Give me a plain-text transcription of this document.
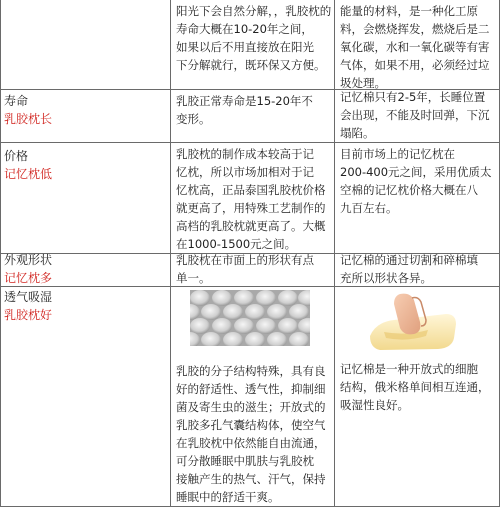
阳光下会自然分解，，乳胶枕的
寿命大概在10-20年之间，
如果以后不用直接放在阳光
下分解就行，既环保又方便。
能量的材料，是一种化工原
料，会燃烧挥发，燃烧后是二
氧化碳，水和一氧化碳等有害
气体，如果不用，必须经过垃
圾处理。
寿命
乳胶枕长
乳胶正常寿命是15-20年不
变形。
记忆棉只有2-5年，长睡位置
会出现，不能及时回弹，下沉
塌陷。
价格
记忆枕低
乳胶枕的制作成本较高于记
忆枕，所以市场加相对于记
忆枕高，正品泰国乳胶枕价格
就更高了，用特殊工艺制作的
高档的乳胶枕就更高了。大概
在1000-1500元之间。
目前市场上的记忆枕在
200-400元之间，采用优质太
空棉的记忆枕价格大概在八
九百左右。
外观形状
记忆枕多
乳胶枕在市面上的形状有点
单一。
记忆棉的通过切割和碎棉填
充所以形状各异。
透气吸湿
乳胶枕好
乳胶的分子结构特殊，具有良
好的舒适性、透气性，抑制细
菌及寄生虫的滋生；开放式的
乳胶多孔气囊结构体，使空气
在乳胶枕中依然能自由流通，
可分散睡眠中肌肤与乳胶枕
接触产生的热气、汗气，保持
睡眠中的舒适干爽。
记忆棉是一种开放式的细胞
结构，俄米格单间相互连通，
吸湿性良好。
